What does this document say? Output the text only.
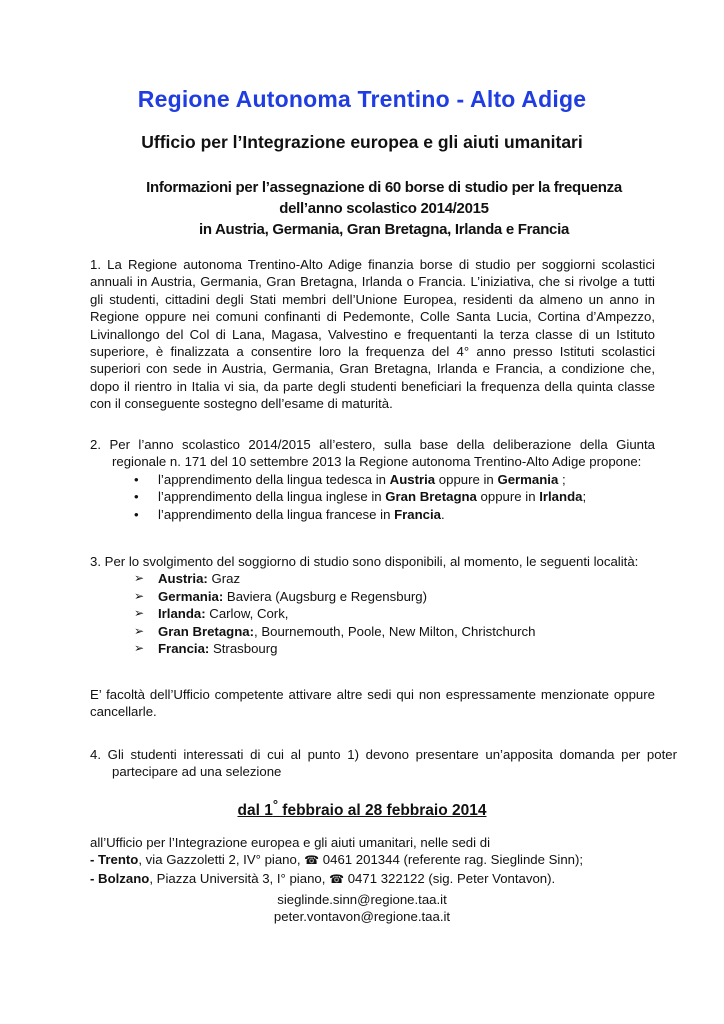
Regione Autonoma Trentino - Alto Adige
Ufficio per l’Integrazione europea e gli aiuti umanitari
Informazioni per l’assegnazione di 60 borse di studio per la frequenza
dell’anno scolastico 2014/2015
in Austria, Germania, Gran Bretagna, Irlanda e Francia
1. La Regione autonoma Trentino-Alto Adige finanzia borse di studio per soggiorni scolastici annuali in Austria, Germania, Gran Bretagna, Irlanda o Francia. L’iniziativa, che si rivolge a tutti gli studenti, cittadini degli Stati membri dell’Unione Europea, residenti da almeno un anno in Regione oppure nei comuni confinanti di Pedemonte, Colle Santa Lucia, Cortina d’Ampezzo, Livinallongo del Col di Lana, Magasa, Valvestino e frequentanti la terza classe di un Istituto superiore, è finalizzata a consentire loro la frequenza del 4° anno presso Istituti scolastici superiori con sede in Austria, Germania, Gran Bretagna, Irlanda e Francia, a condizione che, dopo il rientro in Italia vi sia, da parte degli studenti beneficiari la frequenza della quinta classe con il conseguente sostegno dell’esame di maturità.
2. Per l’anno scolastico 2014/2015 all’estero, sulla base della deliberazione della Giunta regionale n. 171 del 10 settembre 2013 la Regione autonoma Trentino-Alto Adige propone:
• l’apprendimento della lingua tedesca in Austria oppure in Germania ;
• l’apprendimento della lingua inglese in Gran Bretagna oppure in Irlanda;
• l’apprendimento della lingua francese in Francia.
3. Per lo svolgimento del soggiorno di studio sono disponibili, al momento, le seguenti località:
➢ Austria: Graz
➢ Germania: Baviera (Augsburg e Regensburg)
➢ Irlanda: Carlow, Cork,
➢ Gran Bretagna:, Bournemouth, Poole, New Milton, Christchurch
➢ Francia: Strasbourg
E’ facoltà dell’Ufficio competente attivare altre sedi qui non espressamente menzionate oppure cancellarle.
4. Gli studenti interessati di cui al punto 1) devono presentare un’apposita domanda per poter partecipare ad una selezione
dal 1° febbraio al 28 febbraio 2014
all’Ufficio per l’Integrazione europea e gli aiuti umanitari, nelle sedi di
- Trento, via Gazzoletti 2, IV° piano, ☎ 0461 201344 (referente rag. Sieglinde Sinn);
- Bolzano, Piazza Università 3, I° piano, ☎ 0471 322122 (sig. Peter Vontavon).
sieglinde.sinn@regione.taa.it
peter.vontavon@regione.taa.it
